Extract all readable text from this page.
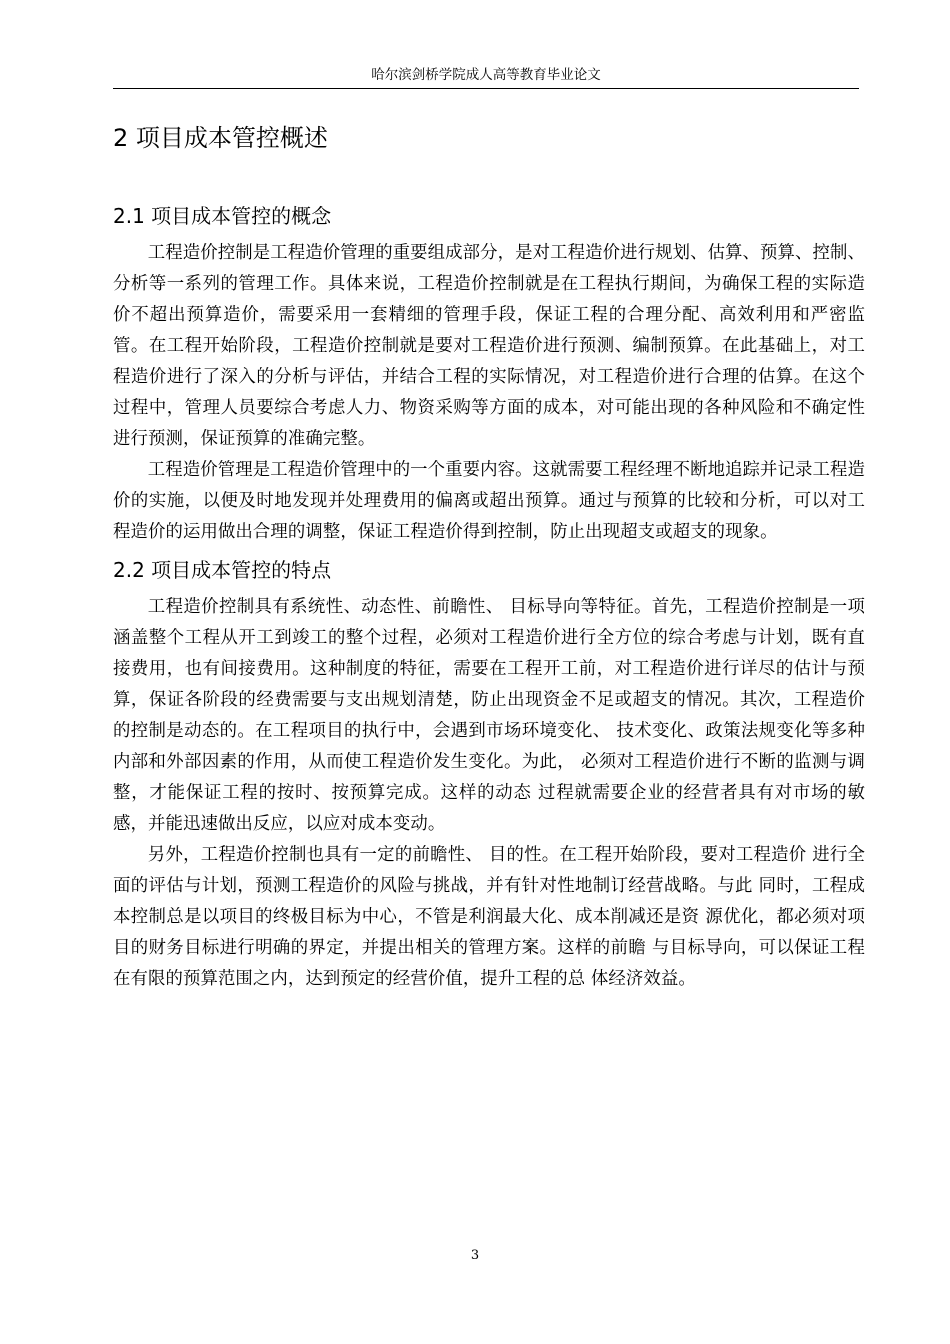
哈尔滨剑桥学院成人高等教育毕业论文
2 项目成本管控概述
2.1 项目成本管控的概念

工程造价控制是工程造价管理的重要组成部分，是对工程造价进行规划、估算、预算、控制、分析等一系列的管理工作。具体来说，工程造价控制就是在工程执行期间，为确保工程的实际造价不超出预算造价，需要采用一套精细的管理手段，保证工程的合理分配、高效利用和严密监管。在工程开始阶段，工程造价控制就是要对工程造价进行预测、编制预算。在此基础上，对工程造价进行了深入的分析与评估，并结合工程的实际情况，对工程造价进行合理的估算。在这个过程中，管理人员要综合考虑人力、物资采购等方面的成本，对可能出现的各种风险和不确定性进行预测，保证预算的准确完整。

工程造价管理是工程造价管理中的一个重要内容。这就需要工程经理不断地追踪并记录工程造价的实施，以便及时地发现并处理费用的偏离或超出预算。通过与预算的比较和分析，可以对工程造价的运用做出合理的调整，保证工程造价得到控制，防止出现超支或超支的现象。

2.2 项目成本管控的特点

工程造价控制具有系统性、动态性、前瞻性、 目标导向等特征。首先，工程造价控制是一项涵盖整个工程从开工到竣工的整个过程，必须对工程造价进行全方位的综合考虑与计划，既有直接费用，也有间接费用。这种制度的特征，需要在工程开工前，对工程造价进行详尽的估计与预算，保证各阶段的经费需要与支出规划清楚，防止出现资金不足或超支的情况。其次，工程造价的控制是动态的。在工程项目的执行中，会遇到市场环境变化、 技术变化、政策法规变化等多种内部和外部因素的作用，从而使工程造价发生变化。为此， 必须对工程造价进行不断的监测与调整，才能保证工程的按时、按预算完成。这样的动态 过程就需要企业的经营者具有对市场的敏感，并能迅速做出反应，以应对成本变动。

另外，工程造价控制也具有一定的前瞻性、 目的性。在工程开始阶段，要对工程造价 进行全面的评估与计划，预测工程造价的风险与挑战，并有针对性地制订经营战略。与此 同时，工程成本控制总是以项目的终极目标为中心，不管是利润最大化、成本削减还是资 源优化，都必须对项目的财务目标进行明确的界定，并提出相关的管理方案。这样的前瞻 与目标导向，可以保证工程在有限的预算范围之内，达到预定的经营价值，提升工程的总 体经济效益。

3
